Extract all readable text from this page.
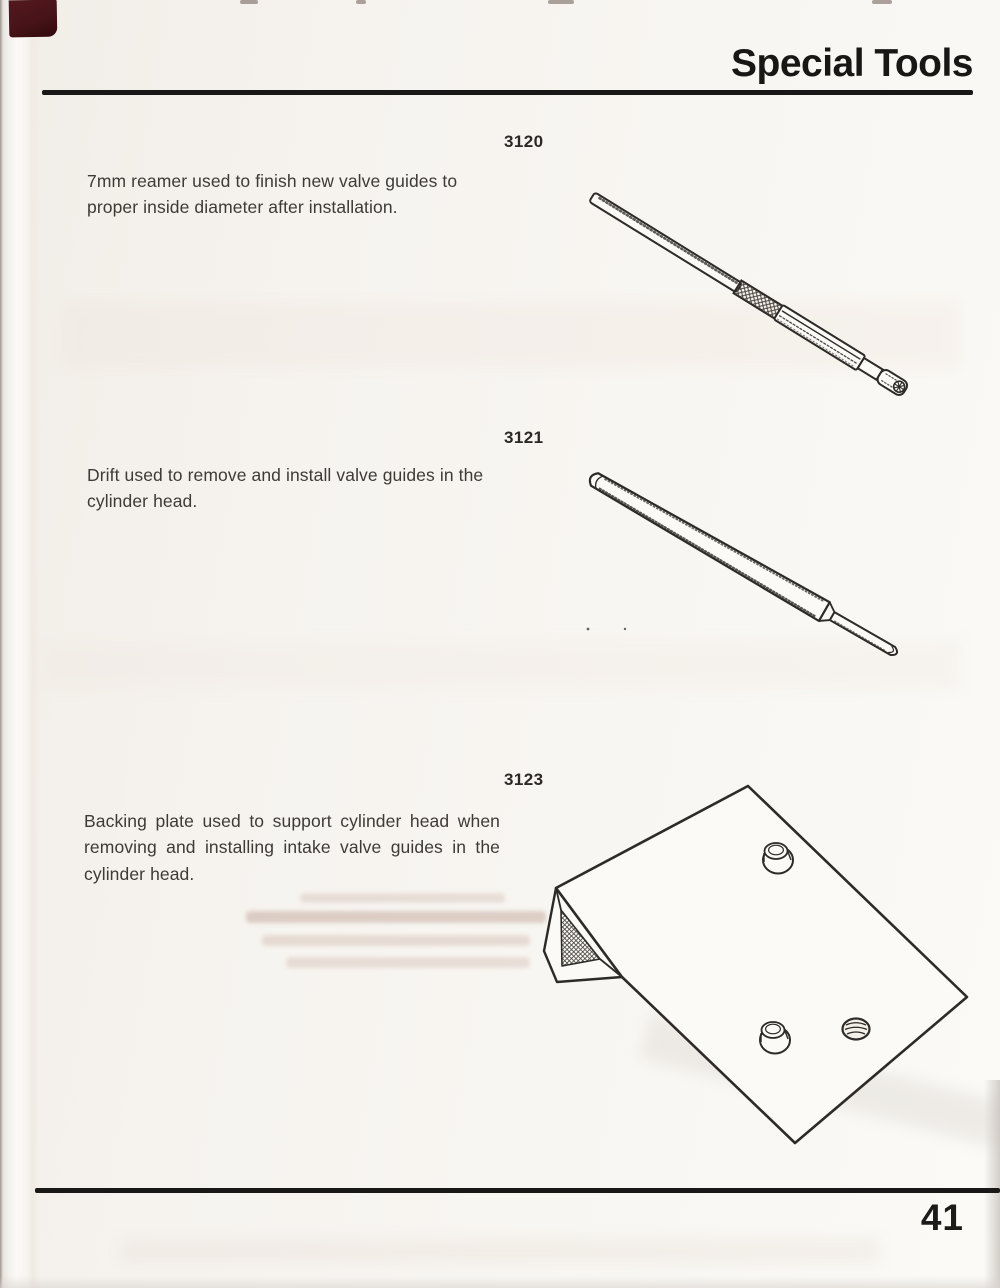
Special Tools
3120
7mm reamer used to finish new valve guides to proper inside diameter after installation.
3121
Drift used to remove and install valve guides in the cylinder head.
3123
Backing plate used to support cylinder head when removing and installing intake valve guides in the cylinder head.
41
